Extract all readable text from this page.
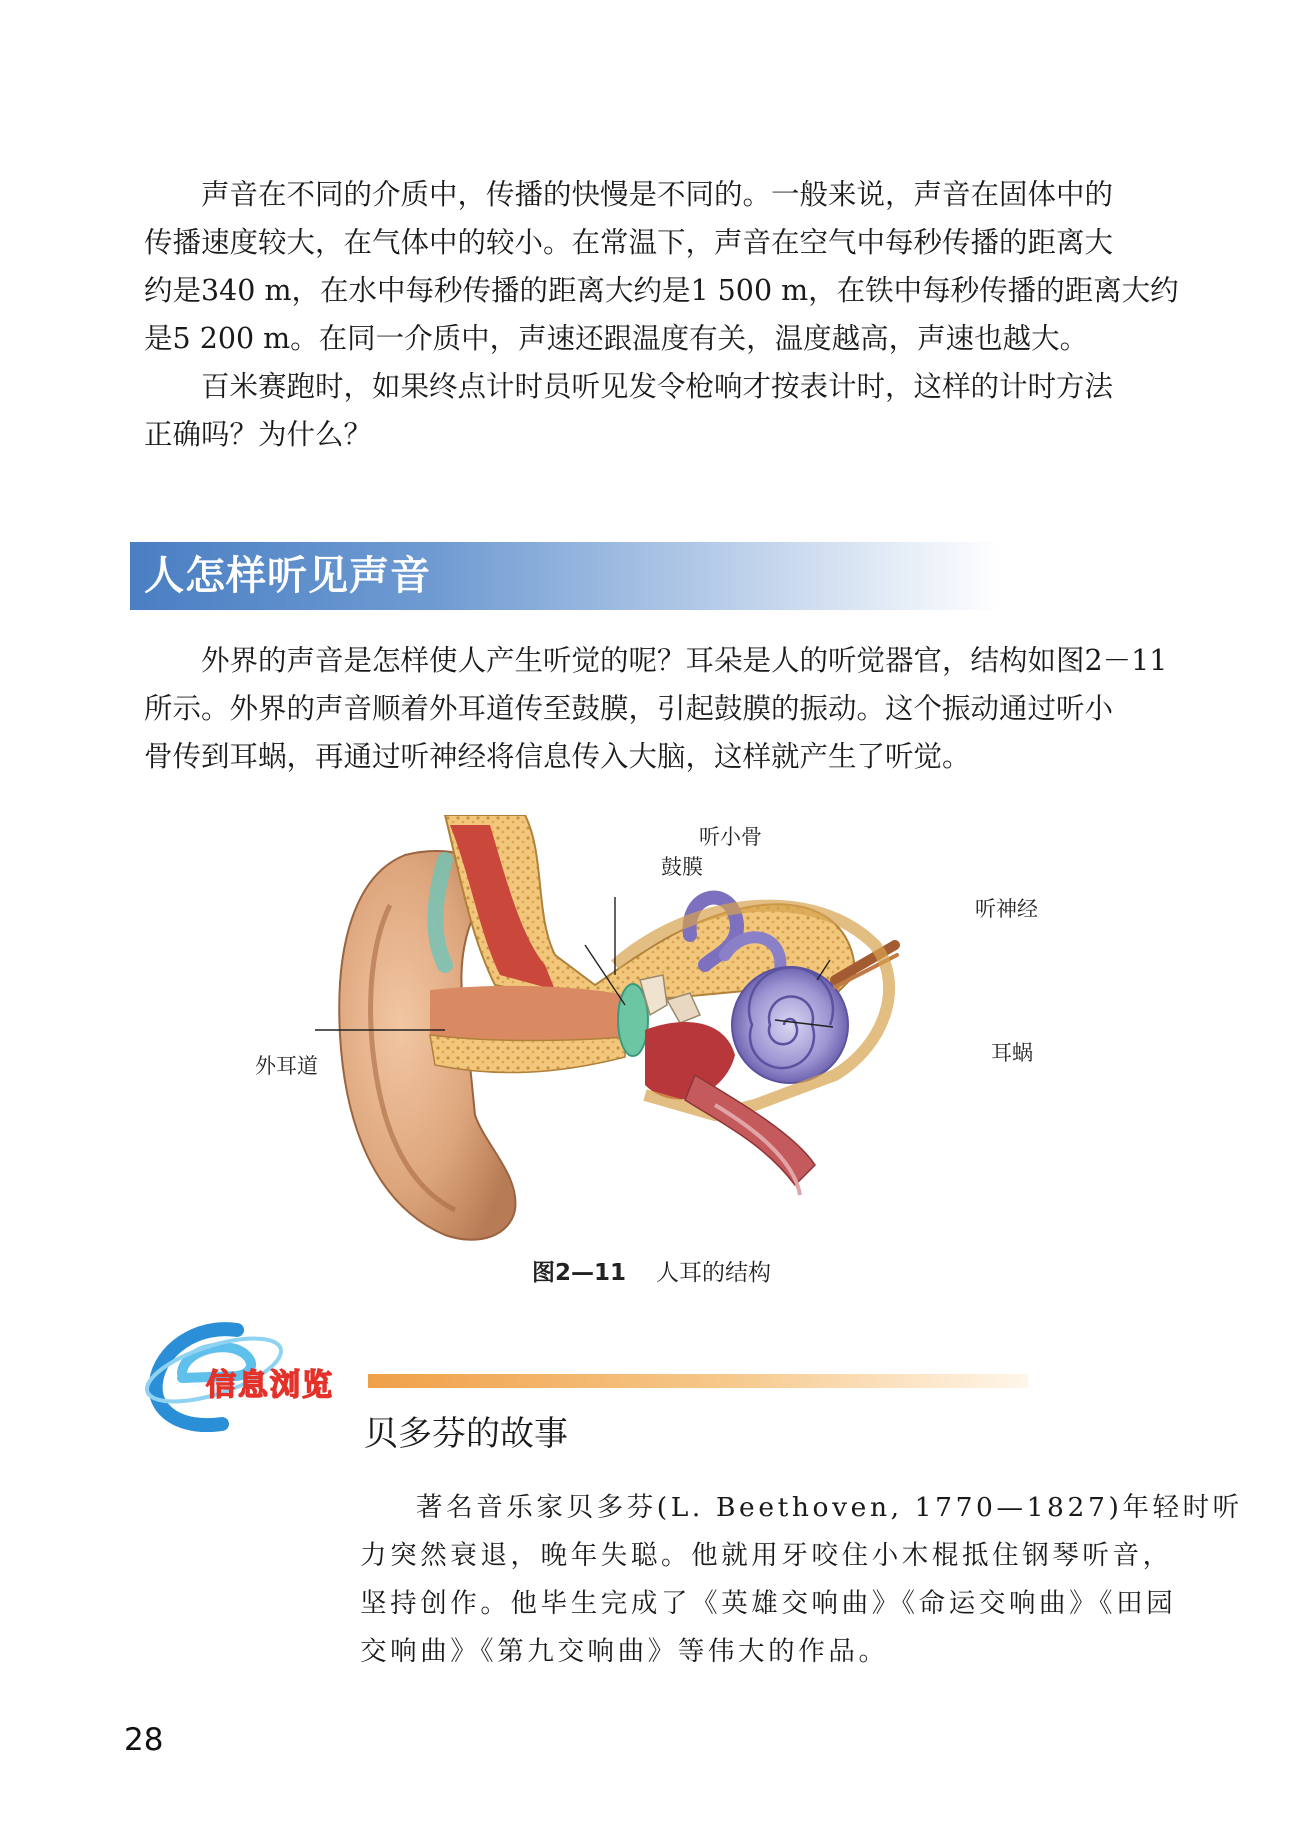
声音在不同的介质中，传播的快慢是不同的。一般来说，声音在固体中的
传播速度较大，在气体中的较小。在常温下，声音在空气中每秒传播的距离大
约是340 m，在水中每秒传播的距离大约是1 500 m，在铁中每秒传播的距离大约
是5 200 m。在同一介质中，声速还跟温度有关，温度越高，声速也越大。

百米赛跑时，如果终点计时员听见发令枪响才按表计时，这样的计时方法
正确吗？为什么？

人怎样听见声音

外界的声音是怎样使人产生听觉的呢？耳朵是人的听觉器官，结构如图2－11
所示。外界的声音顺着外耳道传至鼓膜，引起鼓膜的振动。这个振动通过听小
骨传到耳蜗，再通过听神经将信息传入大脑，这样就产生了听觉。

听小骨
鼓膜
听神经
外耳道
耳蜗
图2—11 人耳的结构
信息浏览
贝多芬的故事

著名音乐家贝多芬(L. Beethoven, 1770—1827)年轻时听
力突然衰退，晚年失聪。他就用牙咬住小木棍抵住钢琴听音，
坚持创作。他毕生完成了《英雄交响曲》《命运交响曲》《田园
交响曲》《第九交响曲》等伟大的作品。

28
